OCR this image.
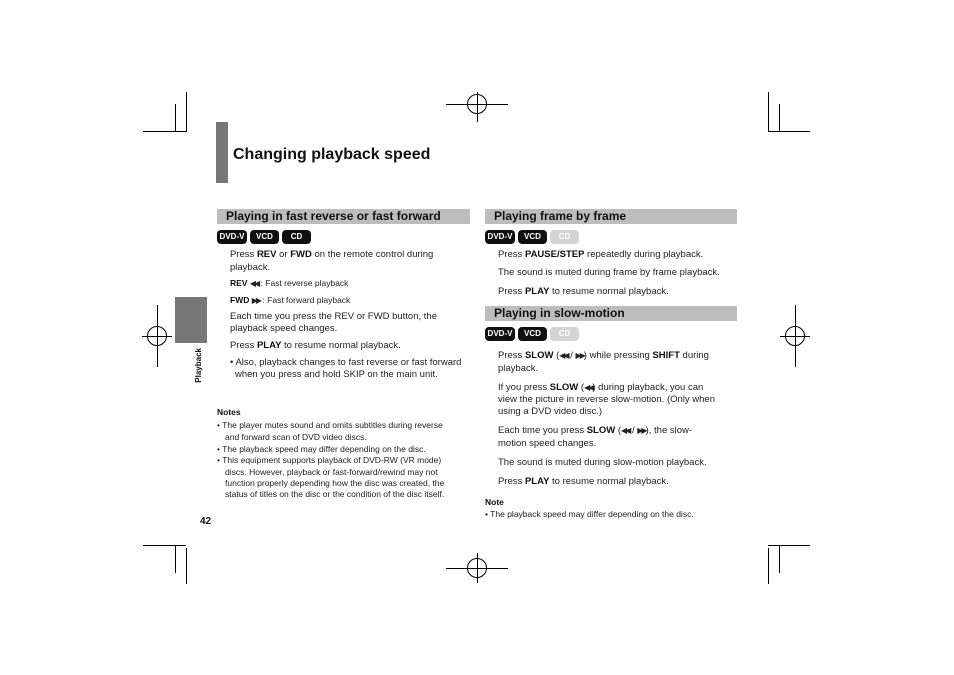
Changing playback speed
Playback
Playing in fast reverse or fast forward
DVD-V	VCD	CD
Press REV or FWD on the remote control during
playback.
REV ◀◀ : Fast reverse playback
FWD ▶▶ : Fast forward playback
Each time you press the REV or FWD button, the
playback speed changes.
Press PLAY to resume normal playback.
• Also, playback changes to fast reverse or fast forward
when you press and hold SKIP on the main unit.
Notes
• The player mutes sound and omits subtitles during reverse
and forward scan of DVD video discs.
• The playback speed may differ depending on the disc.
• This equipment supports playback of DVD-RW (VR mode)
discs. However, playback or fast-forward/rewind may not
function properly depending how the disc was created, the
status of titles on the disc or the condition of the disc itself.
42
Playing frame by frame
DVD-V	VCD	CD
Press PAUSE/STEP repeatedly during playback.
The sound is muted during frame by frame playback.
Press PLAY to resume normal playback.
Playing in slow-motion
DVD-V	VCD	CD
Press SLOW (◀◀ / ▶▶) while pressing SHIFT during
playback.
If you press SLOW (◀◀) during playback, you can
view the picture in reverse slow-motion. (Only when
using a DVD video disc.)
Each time you press SLOW (◀◀ / ▶▶), the slow-
motion speed changes.
The sound is muted during slow-motion playback.
Press PLAY to resume normal playback.
Note
• The playback speed may differ depending on the disc.
